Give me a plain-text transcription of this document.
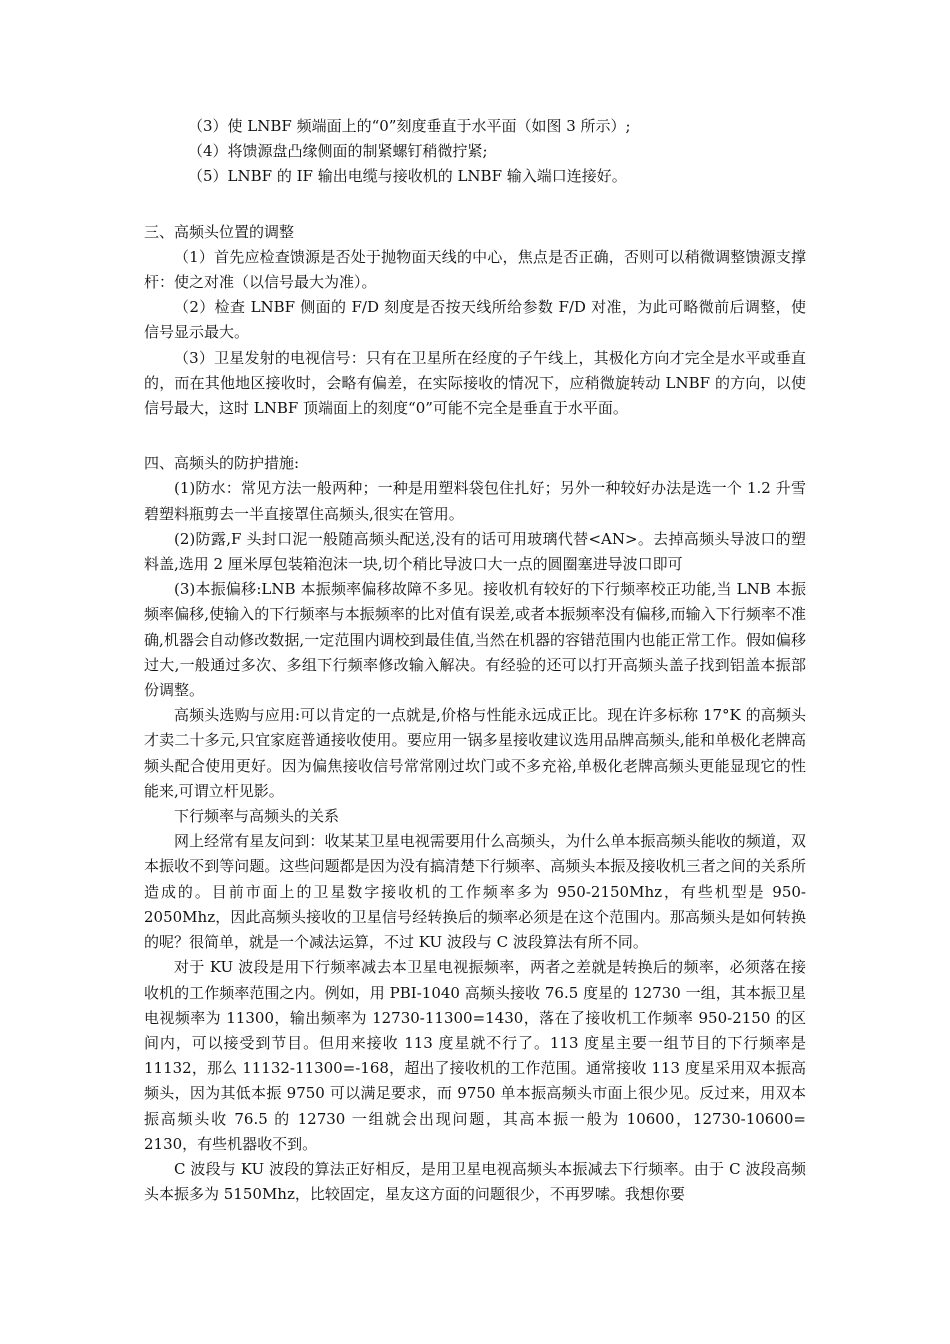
（3）使 LNBF 频端面上的“0”刻度垂直于水平面（如图 3 所示）;

（4）将馈源盘凸缘侧面的制紧螺钉稍微拧紧;

（5）LNBF 的 IF 输出电缆与接收机的 LNBF 输入端口连接好。

三、高频头位置的调整

（1）首先应检查馈源是否处于抛物面天线的中心，焦点是否正确，否则可以稍微调整馈源支撑杆：使之对准（以信号最大为准）。

（2）检查 LNBF 侧面的 F/D 刻度是否按天线所给参数 F/D 对准，为此可略微前后调整，使信号显示最大。

（3）卫星发射的电视信号：只有在卫星所在经度的子午线上，其极化方向才完全是水平或垂直的，而在其他地区接收时，会略有偏差，在实际接收的情况下，应稍微旋转动 LNBF 的方向，以使信号最大，这时 LNBF 顶端面上的刻度“0”可能不完全是垂直于水平面。

四、高频头的防护措施:

(1)防水：常见方法一般两种；一种是用塑料袋包住扎好；另外一种较好办法是选一个 1.2 升雪碧塑料瓶剪去一半直接罩住高频头,很实在管用。

(2)防露,F 头封口泥一般随高频头配送,没有的话可用玻璃代替<AN>。去掉高频头导波口的塑料盖,选用 2 厘米厚包装箱泡沫一块,切个稍比导波口大一点的圆圈塞进导波口即可

(3)本振偏移:LNB 本振频率偏移故障不多见。接收机有较好的下行频率校正功能,当 LNB 本振频率偏移,使输入的下行频率与本振频率的比对值有误差,或者本振频率没有偏移,而输入下行频率不准确,机器会自动修改数据,一定范围内调校到最佳值,当然在机器的容错范围内也能正常工作。假如偏移过大,一般通过多次、多组下行频率修改输入解决。有经验的还可以打开高频头盖子找到铝盖本振部份调整。

高频头选购与应用:可以肯定的一点就是,价格与性能永远成正比。现在许多标称 17°K 的高频头才卖二十多元,只宜家庭普通接收使用。要应用一锅多星接收建议选用品牌高频头,能和单极化老牌高频头配合使用更好。因为偏焦接收信号常常刚过坎门或不多充裕,单极化老牌高频头更能显现它的性能来,可谓立杆见影。

下行频率与高频头的关系

网上经常有星友问到：收某某卫星电视需要用什么高频头，为什么单本振高频头能收的频道，双本振收不到等问题。这些问题都是因为没有搞清楚下行频率、高频头本振及接收机三者之间的关系所造成的。目前市面上的卫星数字接收机的工作频率多为 950-2150Mhz，有些机型是 950-2050Mhz，因此高频头接收的卫星信号经转换后的频率必须是在这个范围内。那高频头是如何转换的呢？很简单，就是一个减法运算，不过 KU 波段与 C 波段算法有所不同。

对于 KU 波段是用下行频率减去本卫星电视振频率，两者之差就是转换后的频率，必须落在接收机的工作频率范围之内。例如，用 PBI-1040 高频头接收 76.5 度星的 12730 一组，其本振卫星电视频率为 11300，输出频率为 12730-11300=1430，落在了接收机工作频率 950-2150 的区间内，可以接受到节目。但用来接收 113 度星就不行了。113 度星主要一组节目的下行频率是 11132，那么 11132-11300=-168，超出了接收机的工作范围。通常接收 113 度星采用双本振高频头，因为其低本振 9750 可以满足要求，而 9750 单本振高频头市面上很少见。反过来，用双本振高频头收 76.5 的 12730 一组就会出现问题，其高本振一般为 10600，12730-10600= 2130，有些机器收不到。

C 波段与 KU 波段的算法正好相反，是用卫星电视高频头本振减去下行频率。由于 C 波段高频头本振多为 5150Mhz，比较固定，星友这方面的问题很少，不再罗嗦。我想你要
